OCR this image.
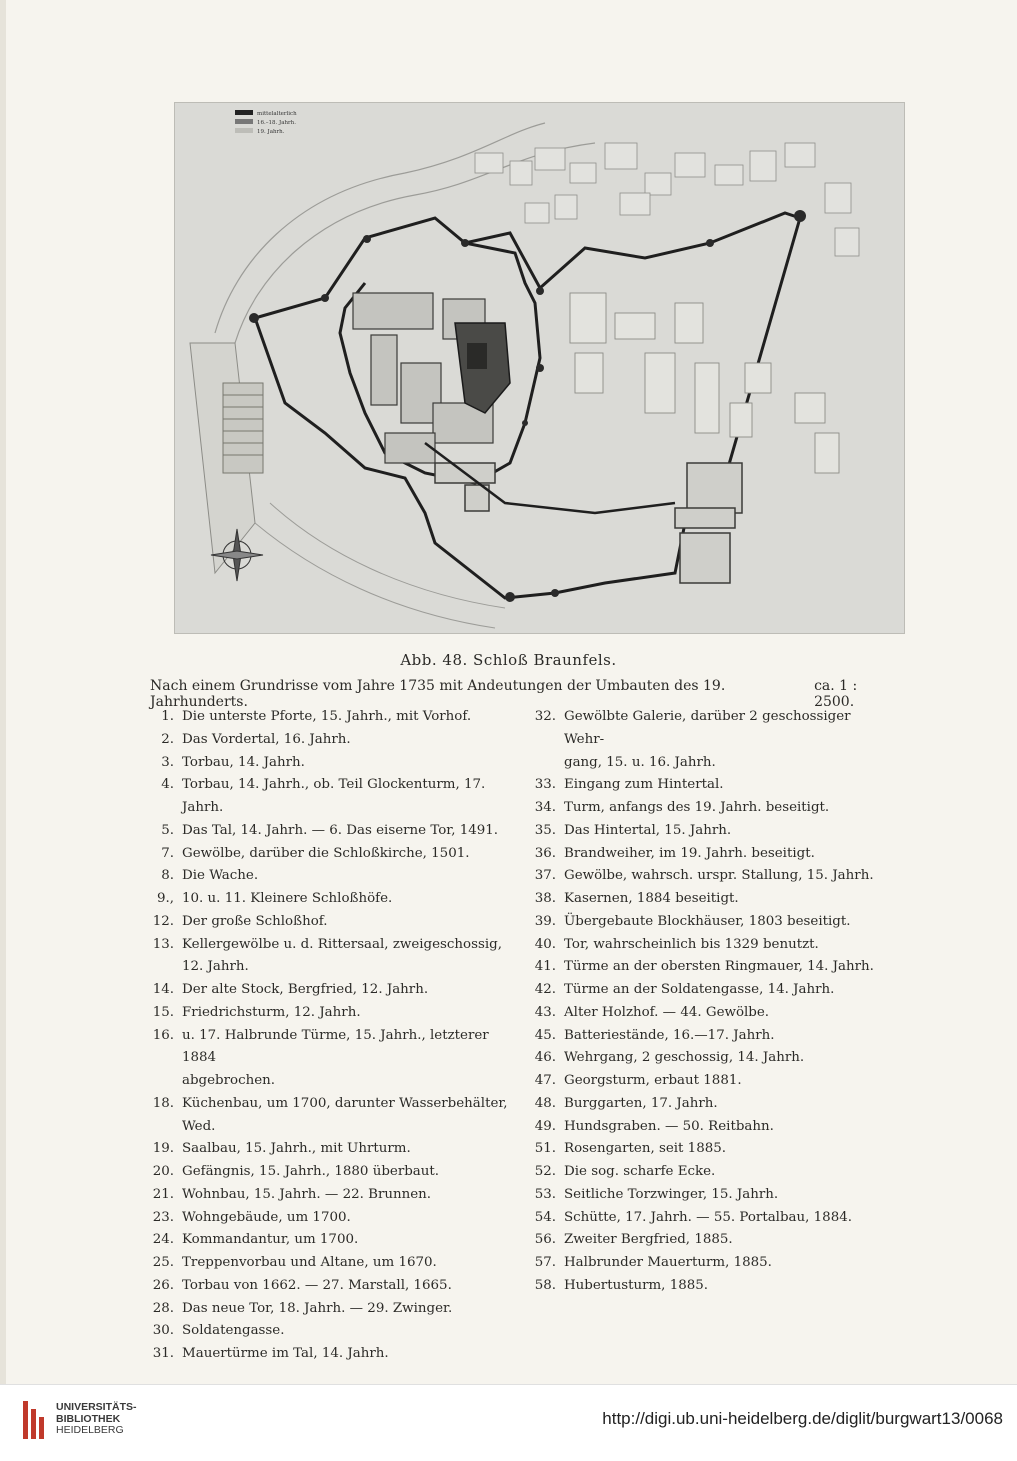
mittelalterlich
16.–18. Jahrh.
19. Jahrh.
Abb. 48. Schloß Braunfels.
Nach einem Grundrisse vom Jahre 1735 mit Andeutungen der Umbauten des 19. Jahrhunderts.
ca. 1 : 2500.
1. Die unterste Pforte, 15. Jahrh., mit Vorhof.
2. Das Vordertal, 16. Jahrh.
3. Torbau, 14. Jahrh.
4. Torbau, 14. Jahrh., ob. Teil Glockenturm, 17. Jahrh.
5. Das Tal, 14. Jahrh. — 6. Das eiserne Tor, 1491.
7. Gewölbe, darüber die Schloßkirche, 1501.
8. Die Wache.
9., 10. u. 11. Kleinere Schloßhöfe.
12. Der große Schloßhof.
13. Kellergewölbe u. d. Rittersaal, zweigeschossig, 12. Jahrh.
14. Der alte Stock, Bergfried, 12. Jahrh.
15. Friedrichsturm, 12. Jahrh.
16. u. 17. Halbrunde Türme, 15. Jahrh., letzterer 1884
abgebrochen.
18. Küchenbau, um 1700, darunter Wasserbehälter, Wed.
19. Saalbau, 15. Jahrh., mit Uhrturm.
20. Gefängnis, 15. Jahrh., 1880 überbaut.
21. Wohnbau, 15. Jahrh. — 22. Brunnen.
23. Wohngebäude, um 1700.
24. Kommandantur, um 1700.
25. Treppenvorbau und Altane, um 1670.
26. Torbau von 1662. — 27. Marstall, 1665.
28. Das neue Tor, 18. Jahrh. — 29. Zwinger.
30. Soldatengasse.
31. Mauertürme im Tal, 14. Jahrh.
32. Gewölbte Galerie, darüber 2 geschossiger Wehr-
gang, 15. u. 16. Jahrh.
33. Eingang zum Hintertal.
34. Turm, anfangs des 19. Jahrh. beseitigt.
35. Das Hintertal, 15. Jahrh.
36. Brandweiher, im 19. Jahrh. beseitigt.
37. Gewölbe, wahrsch. urspr. Stallung, 15. Jahrh.
38. Kasernen, 1884 beseitigt.
39. Übergebaute Blockhäuser, 1803 beseitigt.
40. Tor, wahrscheinlich bis 1329 benutzt.
41. Türme an der obersten Ringmauer, 14. Jahrh.
42. Türme an der Soldatengasse, 14. Jahrh.
43. Alter Holzhof. — 44. Gewölbe.
45. Batteriestände, 16.—17. Jahrh.
46. Wehrgang, 2 geschossig, 14. Jahrh.
47. Georgsturm, erbaut 1881.
48. Burggarten, 17. Jahrh.
49. Hundsgraben. — 50. Reitbahn.
51. Rosengarten, seit 1885.
52. Die sog. scharfe Ecke.
53. Seitliche Torzwinger, 15. Jahrh.
54. Schütte, 17. Jahrh. — 55. Portalbau, 1884.
56. Zweiter Bergfried, 1885.
57. Halbrunder Mauerturm, 1885.
58. Hubertusturm, 1885.
UNIVERSITÄTS-
BIBLIOTHEK
HEIDELBERG
http://digi.ub.uni-heidelberg.de/diglit/burgwart13/0068
